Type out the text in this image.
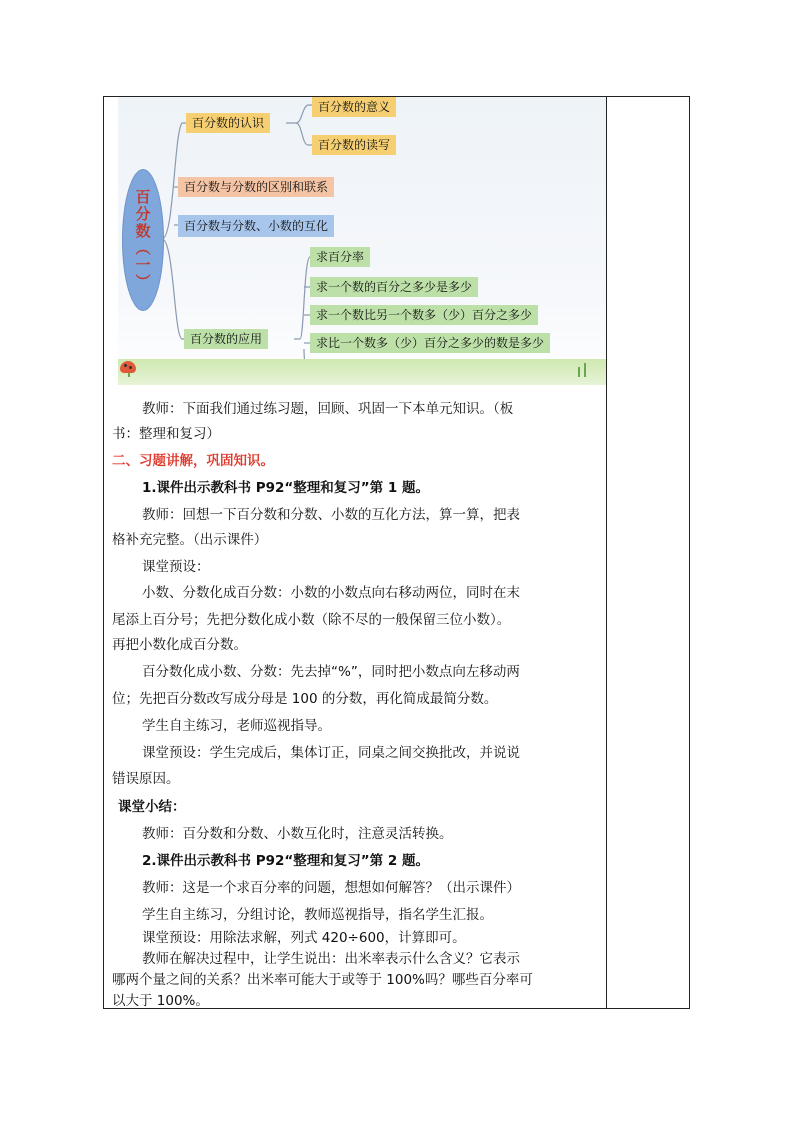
百分数（一）
百分数的认识
百分数的意义
百分数的读写
百分数与分数的区别和联系
百分数与分数、小数的互化
百分数的应用
求百分率
求一个数的百分之多少是多少
求一个数比另一个数多（少）百分之多少
求比一个数多（少）百分之多少的数是多少
教师：下面我们通过练习题，回顾、巩固一下本单元知识。（板
书：整理和复习）
二、习题讲解，巩固知识。
1.课件出示教科书 P92“整理和复习”第 1 题。
教师：回想一下百分数和分数、小数的互化方法，算一算，把表
格补充完整。（出示课件）
课堂预设：
小数、分数化成百分数：小数的小数点向右移动两位，同时在末
尾添上百分号；先把分数化成小数（除不尽的一般保留三位小数）。
再把小数化成百分数。
百分数化成小数、分数：先去掉“%”，同时把小数点向左移动两
位；先把百分数改写成分母是 100 的分数，再化简成最简分数。
学生自主练习，老师巡视指导。
课堂预设：学生完成后，集体订正，同桌之间交换批改，并说说
错误原因。
课堂小结：
教师：百分数和分数、小数互化时，注意灵活转换。
2.课件出示教科书 P92“整理和复习”第 2 题。
教师：这是一个求百分率的问题，想想如何解答？（出示课件）
学生自主练习，分组讨论，教师巡视指导，指名学生汇报。
课堂预设：用除法求解，列式 420÷600，计算即可。
教师在解决过程中，让学生说出：出米率表示什么含义？它表示
哪两个量之间的关系？出米率可能大于或等于 100%吗？哪些百分率可
以大于 100%。
